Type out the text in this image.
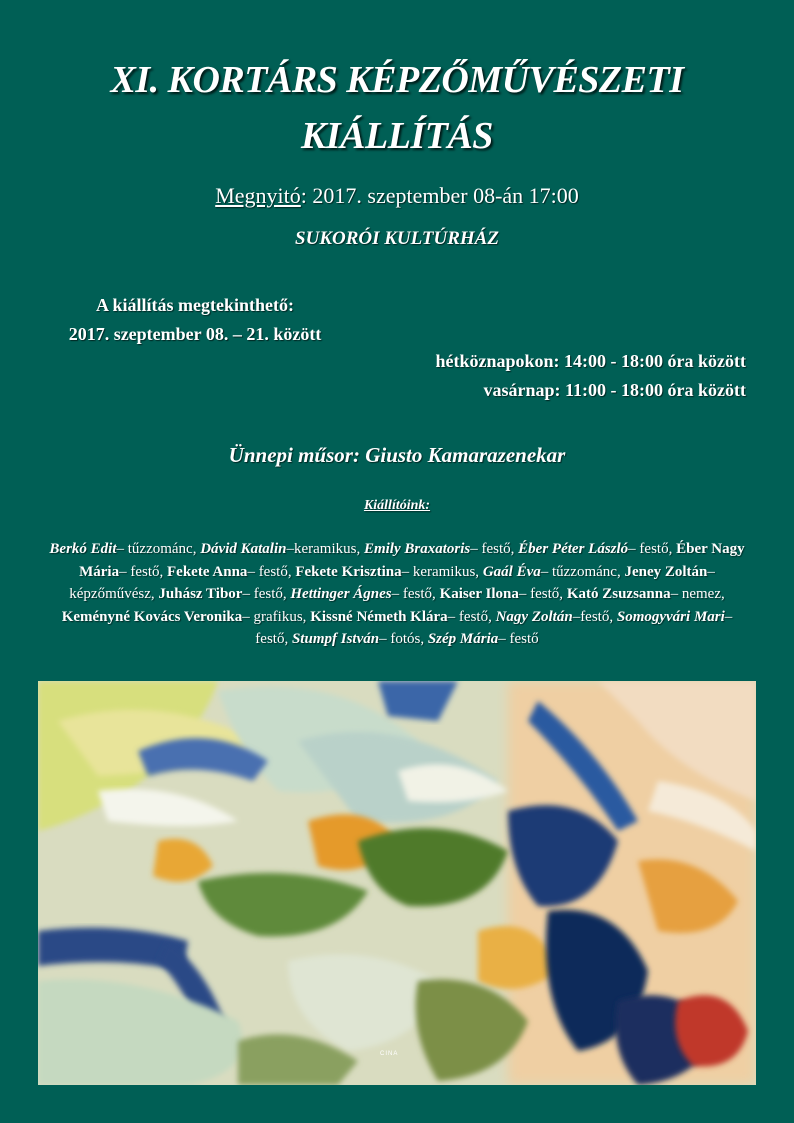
XI. KORTÁRS KÉPZŐMŰVÉSZETI
KIÁLLÍTÁS
Megnyitó: 2017. szeptember 08-án 17:00
SUKORÓI KULTÚRHÁZ
A kiállítás megtekinthető:
2017. szeptember 08. – 21. között
hétköznapokon: 14:00 - 18:00 óra között
vasárnap: 11:00 - 18:00 óra között
Ünnepi műsor: Giusto Kamarazenekar
Kiállítóink:
Berkó Edit– tűzzománc, Dávid Katalin–keramikus, Emily Braxatoris– festő, Éber Péter László– festő, Éber Nagy Mária– festő, Fekete Anna– festő, Fekete Krisztina– keramikus, Gaál Éva– tűzzománc, Jeney Zoltán–képzőművész, Juhász Tibor– festő, Hettinger Ágnes– festő, Kaiser Ilona– festő, Kató Zsuzsanna– nemez, Keményné Kovács Veronika– grafikus, Kissné Németh Klára– festő, Nagy Zoltán–festő, Somogyvári Mari– festő, Stumpf István– fotós, Szép Mária– festő
CINA
